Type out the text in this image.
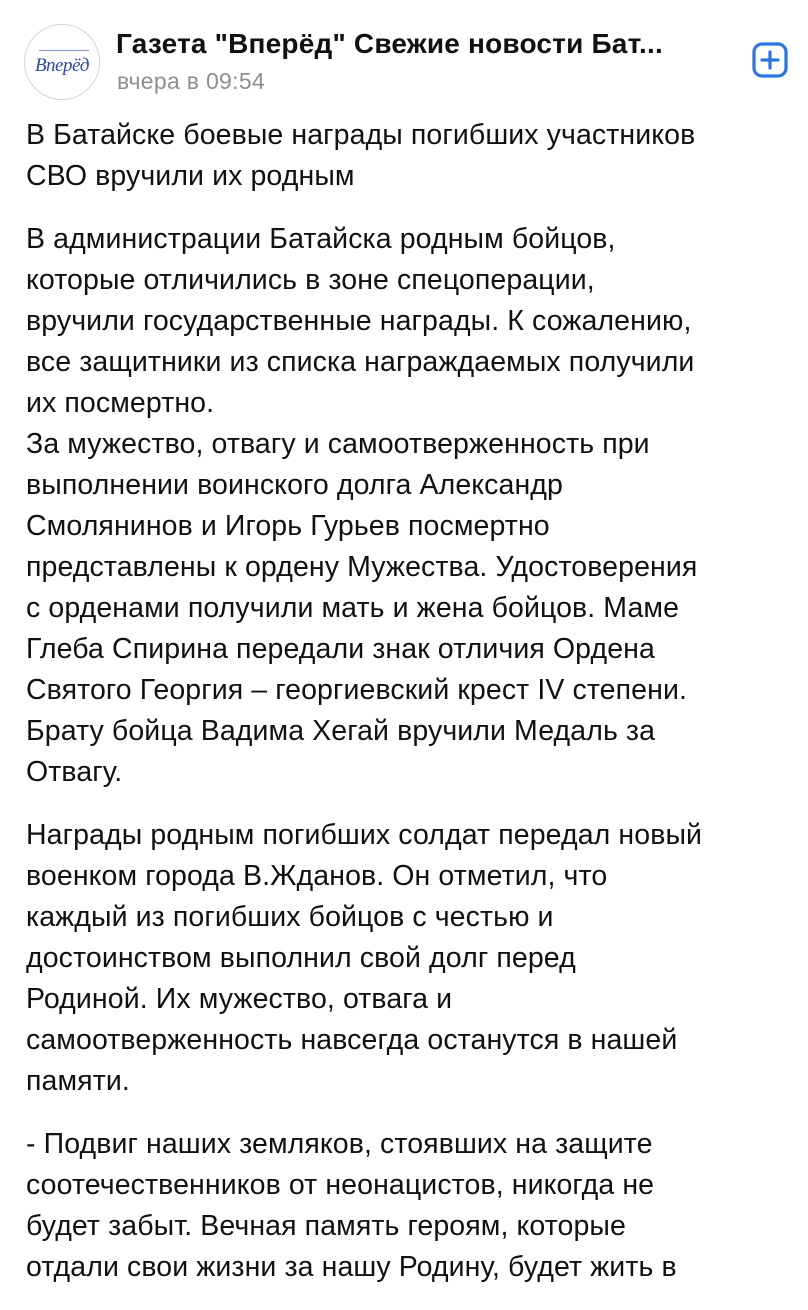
Вперёд
Газета "Вперёд" Свежие новости Бат...
вчера в 09:54

В Батайске боевые награды погибших участников
СВО вручили их родным

В администрации Батайска родным бойцов,
которые отличились в зоне спецоперации,
вручили государственные награды. К сожалению,
все защитники из списка награждаемых получили
их посмертно.
За мужество, отвагу и самоотверженность при
выполнении воинского долга Александр
Смолянинов и Игорь Гурьев посмертно
представлены к ордену Мужества. Удостоверения
с орденами получили мать и жена бойцов. Маме
Глеба Спирина передали знак отличия Ордена
Святого Георгия – георгиевский крест IV степени.
Брату бойца Вадима Хегай вручили Медаль за
Отвагу.

Награды родным погибших солдат передал новый
военком города В.Жданов. Он отметил, что
каждый из погибших бойцов с честью и
достоинством выполнил свой долг перед
Родиной. Их мужество, отвага и
самоотверженность навсегда останутся в нашей
памяти.

- Подвиг наших земляков, стоявших на защите
соотечественников от неонацистов, никогда не
будет забыт. Вечная память героям, которые
отдали свои жизни за нашу Родину, будет жить в
